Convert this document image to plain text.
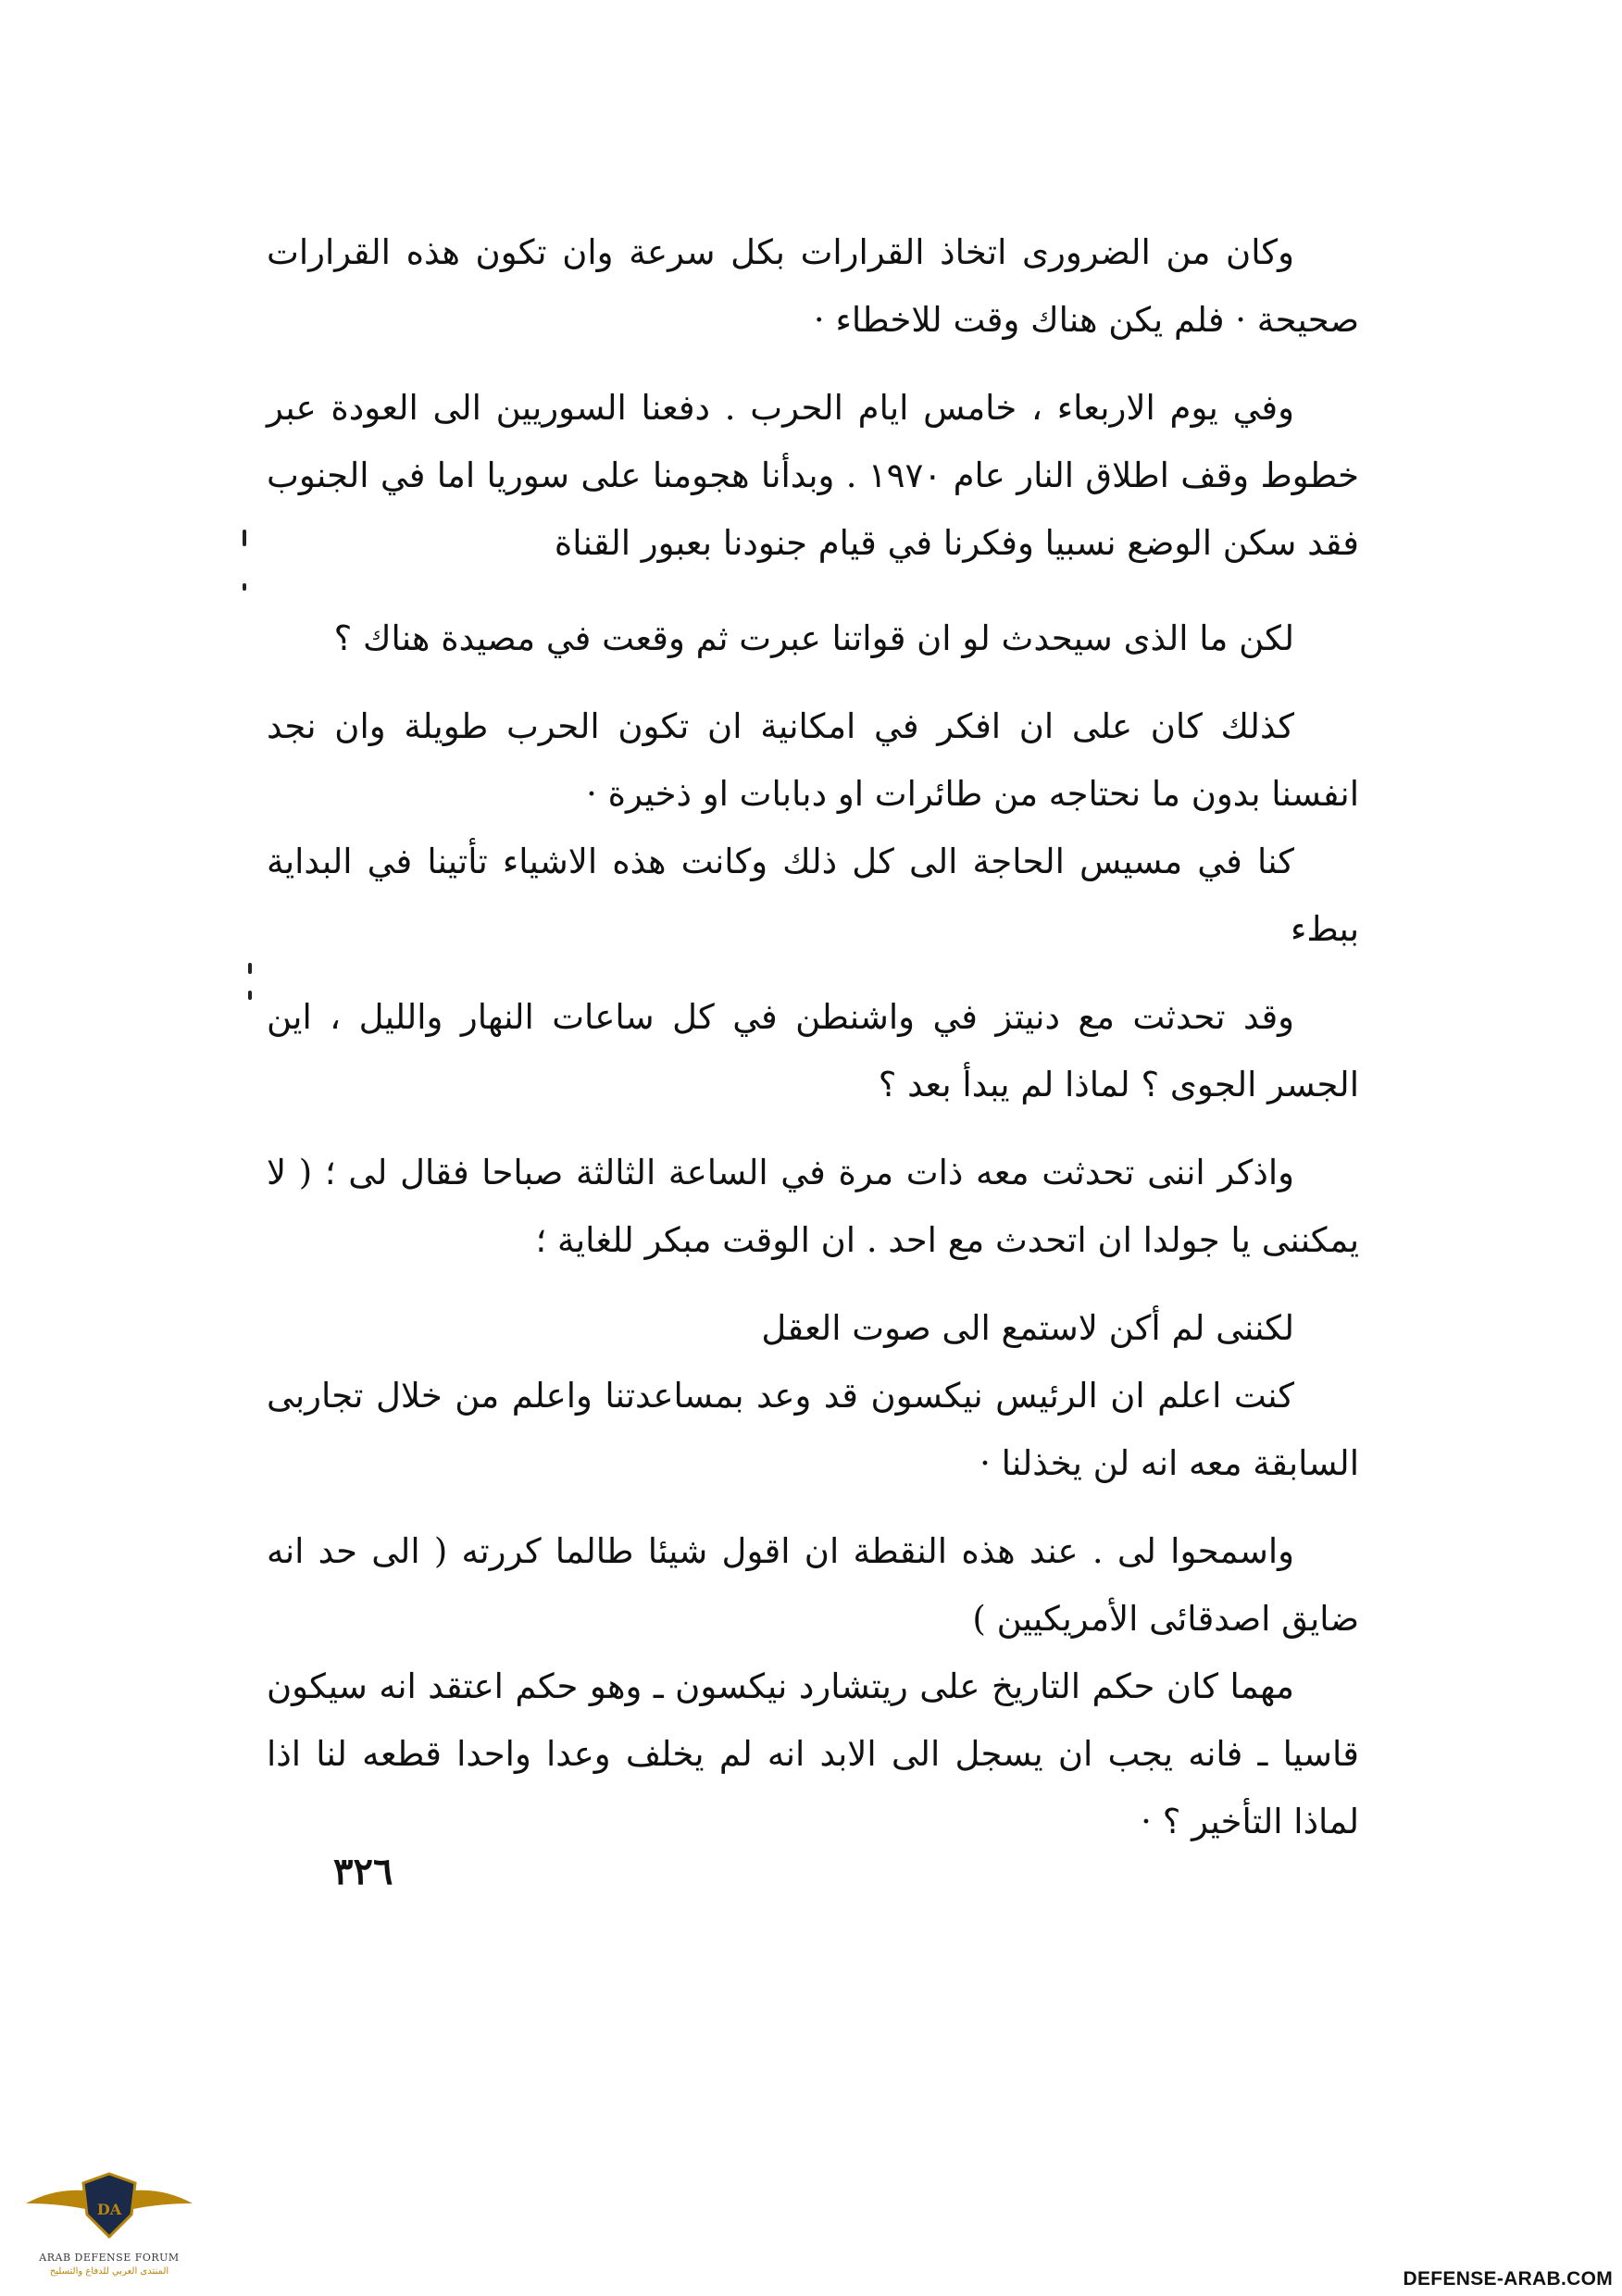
وكان من الضرورى اتخاذ القرارات بكل سرعة وان تكون هذه القرارات صحيحة · فلم يكن هناك وقت للاخطاء ·

وفي يوم الاربعاء ، خامس ايام الحرب . دفعنا السوريين الى العودة عبر خطوط وقف اطلاق النار عام ١٩٧٠ . وبدأنا هجومنا على سوريا اما في الجنوب فقد سكن الوضع نسبيا وفكرنا في قيام جنودنا بعبور القناة

لكن ما الذى سيحدث لو ان قواتنا عبرت ثم وقعت في مصيدة هناك ؟

كذلك كان على ان افكر في امكانية ان تكون الحرب طويلة وان نجد انفسنا بدون ما نحتاجه من طائرات او دبابات او ذخيرة ·

كنا في مسيس الحاجة الى كل ذلك وكانت هذه الاشياء تأتينا في البداية ببطء

وقد تحدثت مع دنيتز في واشنطن في كل ساعات النهار والليل ، اين الجسر الجوى ؟ لماذا لم يبدأ بعد ؟

واذكر اننى تحدثت معه ذات مرة في الساعة الثالثة صباحا فقال لى ؛ ( لا يمكننى يا جولدا ان اتحدث مع احد . ان الوقت مبكر للغاية ؛

لكننى لم أكن لاستمع الى صوت العقل

كنت اعلم ان الرئيس نيكسون قد وعد بمساعدتنا واعلم من خلال تجاربى السابقة معه انه لن يخذلنا ·

واسمحوا لى . عند هذه النقطة ان اقول شيئا طالما كررته ( الى حد انه ضايق اصدقائى الأمريكيين )

مهما كان حكم التاريخ على ريتشارد نيكسون ـ وهو حكم اعتقد انه سيكون قاسيا ـ فانه يجب ان يسجل الى الابد انه لم يخلف وعدا واحدا قطعه لنا اذا لماذا التأخير ؟ ·

٣٢٦
DA
ARAB DEFENSE FORUM
المنتدى العربي للدفاع والتسليح	DEFENSE-ARAB.COM
